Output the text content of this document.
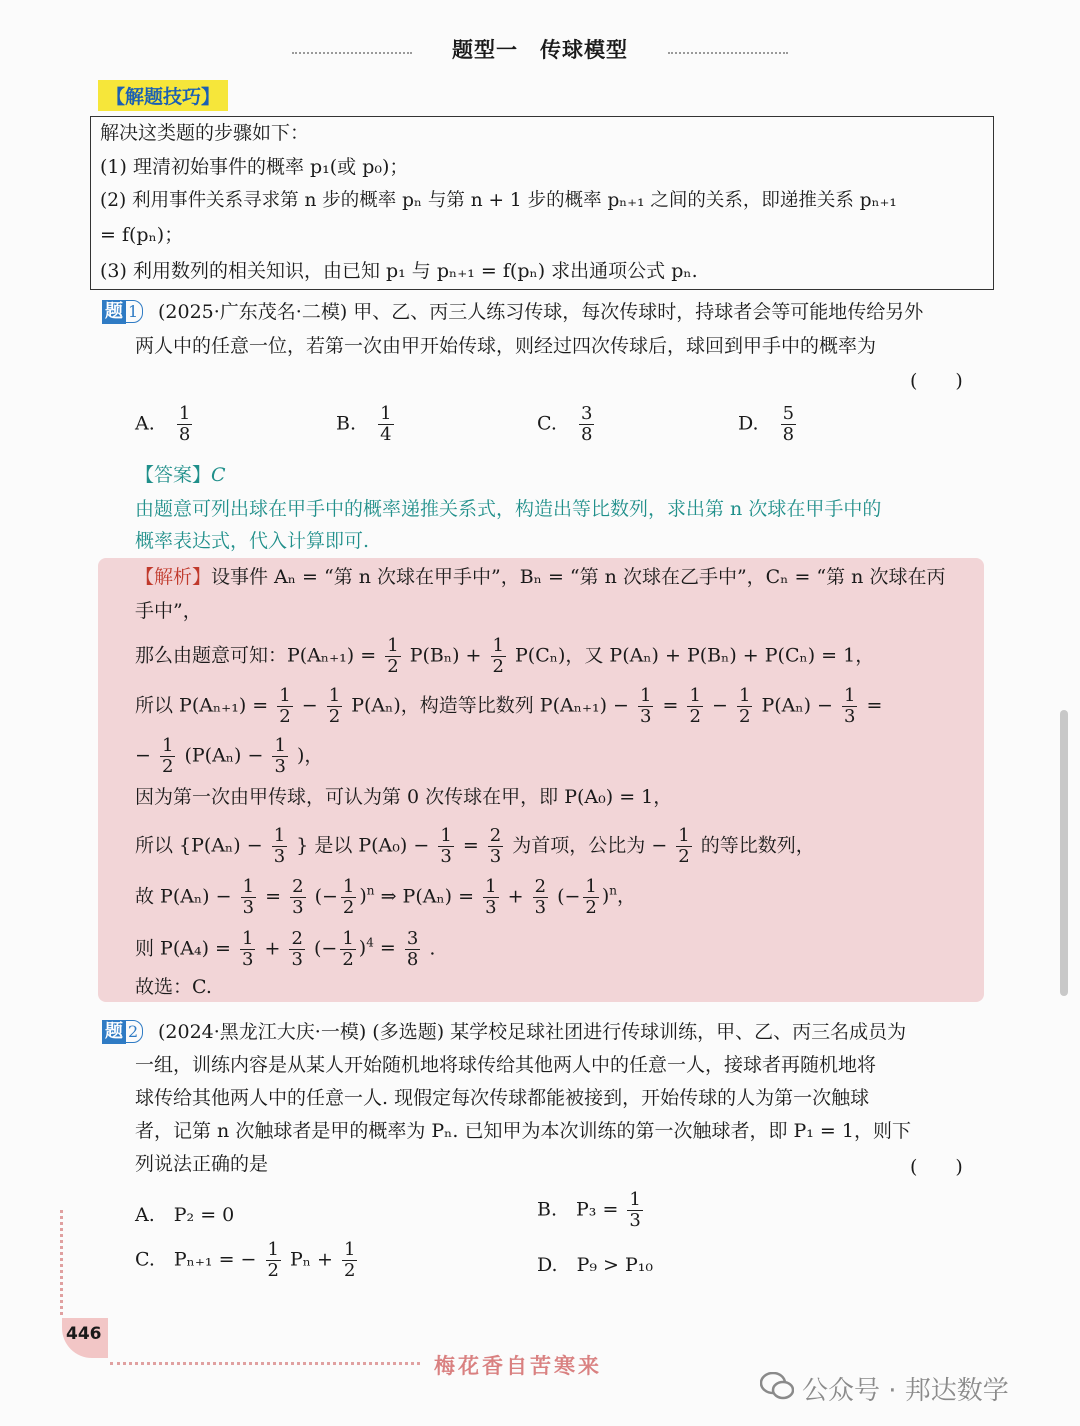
题型一　传球模型
【解题技巧】
解决这类题的步骤如下：
(1) 理清初始事件的概率 p₁(或 p₀)；
(2) 利用事件关系寻求第 n 步的概率 pₙ 与第 n + 1 步的概率 pₙ₊₁ 之间的关系，即递推关系 pₙ₊₁
= f(pₙ)；
(3) 利用数列的相关知识，由已知 p₁ 与 pₙ₊₁ = f(pₙ) 求出通项公式 pₙ.
题 1 (2025·广东茂名·二模) 甲、乙、丙三人练习传球，每次传球时，持球者会等可能地传给另外
两人中的任意一位，若第一次由甲开始传球，则经过四次传球后，球回到甲手中的概率为
(　　)
A. $\frac{1}{8}$	B. $\frac{1}{4}$	C. $\frac{3}{8}$	D. $\frac{5}{8}$
【答案】C
由题意可列出球在甲手中的概率递推关系式，构造出等比数列，求出第 n 次球在甲手中的
概率表达式，代入计算即可.
【解析】设事件 Aₙ = “第 n 次球在甲手中”，Bₙ = “第 n 次球在乙手中”，Cₙ = “第 n 次球在丙
手中”，
那么由题意可知：$P(A_{n+1}) = \frac{1}{2} P(B_n) + \frac{1}{2} P(C_n)$，又 P(Aₙ) + P(Bₙ) + P(Cₙ) = 1，
所以 $P(A_{n+1}) = \frac{1}{2} - \frac{1}{2} P(A_n)$，构造等比数列 $P(A_{n+1}) - \frac{1}{3} = \frac{1}{2} - \frac{1}{2} P(A_n) - \frac{1}{3}$ =
− $\frac{1}{2} (P(A_n) - \frac{1}{3}$ )，
因为第一次由甲传球，可认为第 0 次传球在甲，即 P(A₀) = 1，
所以 {$P(A_n) - \frac{1}{3}$ } 是以 $P(A_0) - \frac{1}{3} = \frac{2}{3}$ 为首项，公比为 − $\frac{1}{2}$ 的等比数列，
故 $P(A_n) - \frac{1}{3} = \frac{2}{3}$ (− $\frac{1}{2} )^n$ ⇒ $P(A_n) = \frac{1}{3} + \frac{2}{3}$ (− $\frac{1}{2} )^n$，
则 $P(A_4) = \frac{1}{3} + \frac{2}{3}$ (− $\frac{1}{2} )^4 = \frac{3}{8}$ .
故选：C.
题 2 (2024·黑龙江大庆·一模) (多选题) 某学校足球社团进行传球训练，甲、乙、丙三名成员为
一组，训练内容是从某人开始随机地将球传给其他两人中的任意一人，接球者再随机地将
球传给其他两人中的任意一人. 现假定每次传球都能被接到，开始传球的人为第一次触球
者，记第 n 次触球者是甲的概率为 Pₙ. 已知甲为本次训练的第一次触球者，即 P₁ = 1，则下
列说法正确的是	(　　)
A.　P₂ = 0	B.　$P_3 = \frac{1}{3}$
C.　Pₙ₊₁ = − $\frac{1}{2}$ $P_n + \frac{1}{2}$	D.　P₉ > P₁₀
446
梅花香自苦寒来
公众号 · 邦达数学
